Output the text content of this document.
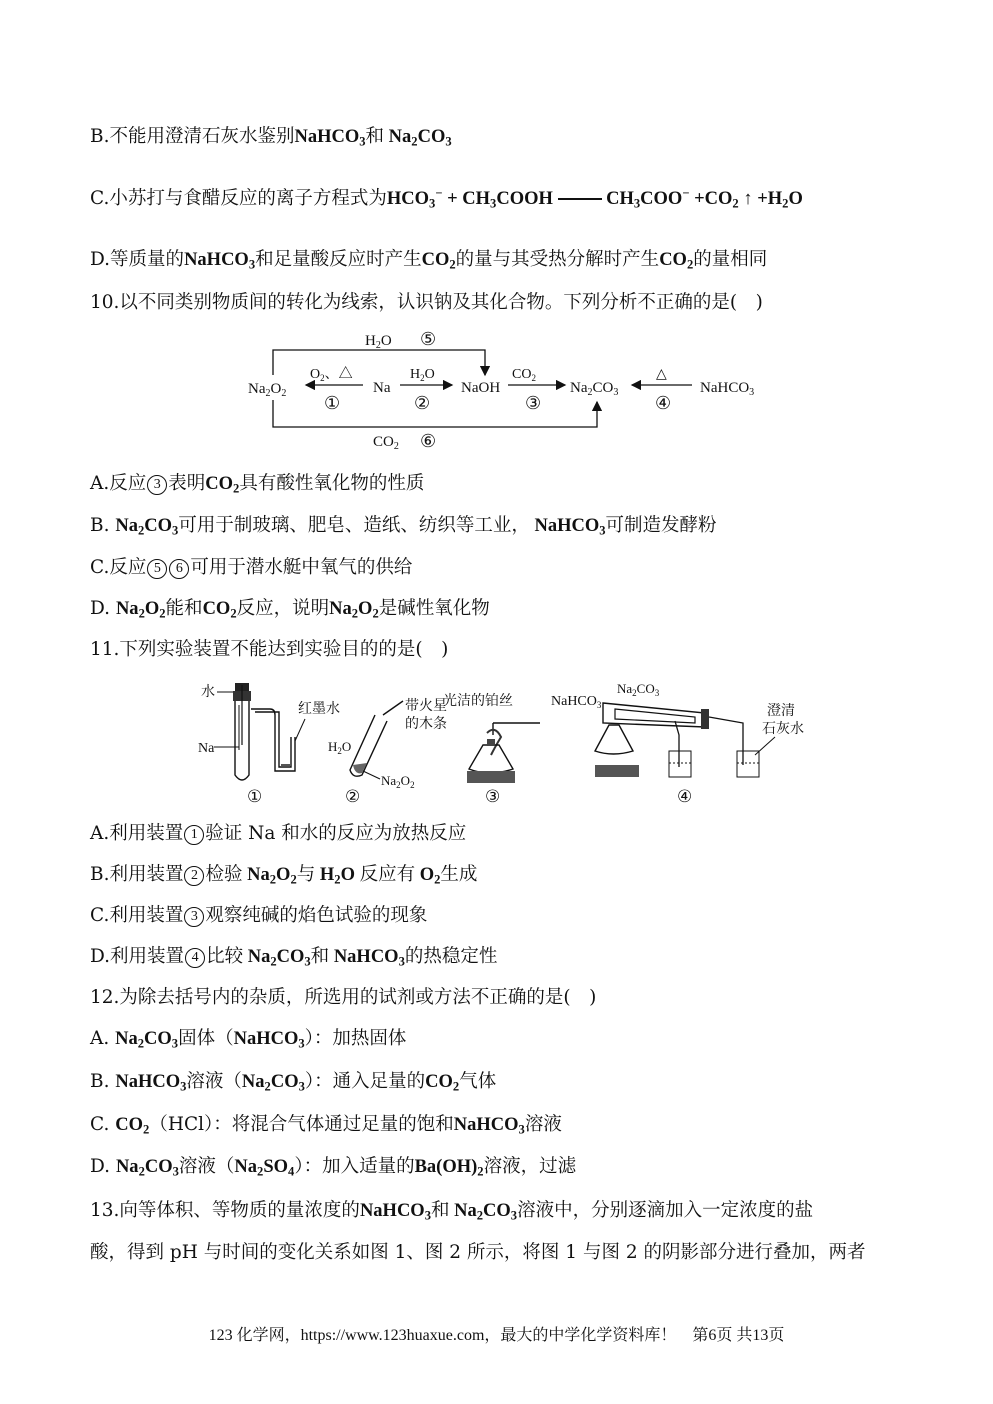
B.不能用澄清石灰水鉴别NaHCO$_3$和 $Na_2CO_3$
C.小苏打与食醋反应的离子方程式为$HCO_3^-$ + $CH_3COOH$  $CH_3COO^- +CO_2$ ↑ $+H_2O$
D.等质量的NaHCO$_3$和足量酸反应时产生$CO_2$的量与其受热分解时产生$CO_2$的量相同
10.以不同类别物质间的转化为线索，认识钠及其化合物。下列分析不正确的是(　)
$H_2O$ ⑤
$Na_2O_2$
$O_2$、△
①
Na
$H_2O$
②
NaOH
$CO_2$
③
$Na_2CO_3$
△
④
NaHCO$_3$
$CO_2$ ⑥
A.反应 3 表明$CO_2$具有酸性氧化物的性质
B. $Na_2CO_3$可用于制玻璃、肥皂、造纸、纺织等工业， NaHCO$_3$可制造发酵粉
C.反应 5 6 可用于潜水艇中氧气的供给
D. $Na_2O_2$能和$CO_2$反应，说明$Na_2O_2$是碱性氧化物
11.下列实验装置不能达到实验目的的是(　)
水
Na
红墨水
①
带火星
的木条
$H_2O$
$Na_2O_2$
②
光洁的铂丝
③
NaHCO$_3$
$Na_2CO_3$
澄清
石灰水
④
A.利用装置 1 验证 Na 和水的反应为放热反应
B.利用装置 2 检验 $Na_2O_2$与 $H_2O$ 反应有 $O_2$生成
C.利用装置 3 观察纯碱的焰色试验的现象
D.利用装置 4 比较 $Na_2CO_3$和 NaHCO$_3$的热稳定性
12.为除去括号内的杂质，所选用的试剂或方法不正确的是(　)
A. $Na_2CO_3$固体（NaHCO$_3$）：加热固体
B. NaHCO$_3$溶液$(Na_2CO_3)$：通入足量的$CO_2$气体
C. $CO_2(HCl)$：将混合气体通过足量的饱和NaHCO$_3$溶液
D. $Na_2CO_3$溶液$(Na_2SO_4)$：加入适量的$Ba(OH)_2$溶液，过滤
13.向等体积、等物质的量浓度的NaHCO$_3$和 $Na_2CO_3$溶液中，分别逐滴加入一定浓度的盐
酸，得到 pH 与时间的变化关系如图 1、图 2 所示，将图 1 与图 2 的阴影部分进行叠加，两者
123 化学网，https://www.123huaxue.com，最大的中学化学资料库！　第6页 共13页
